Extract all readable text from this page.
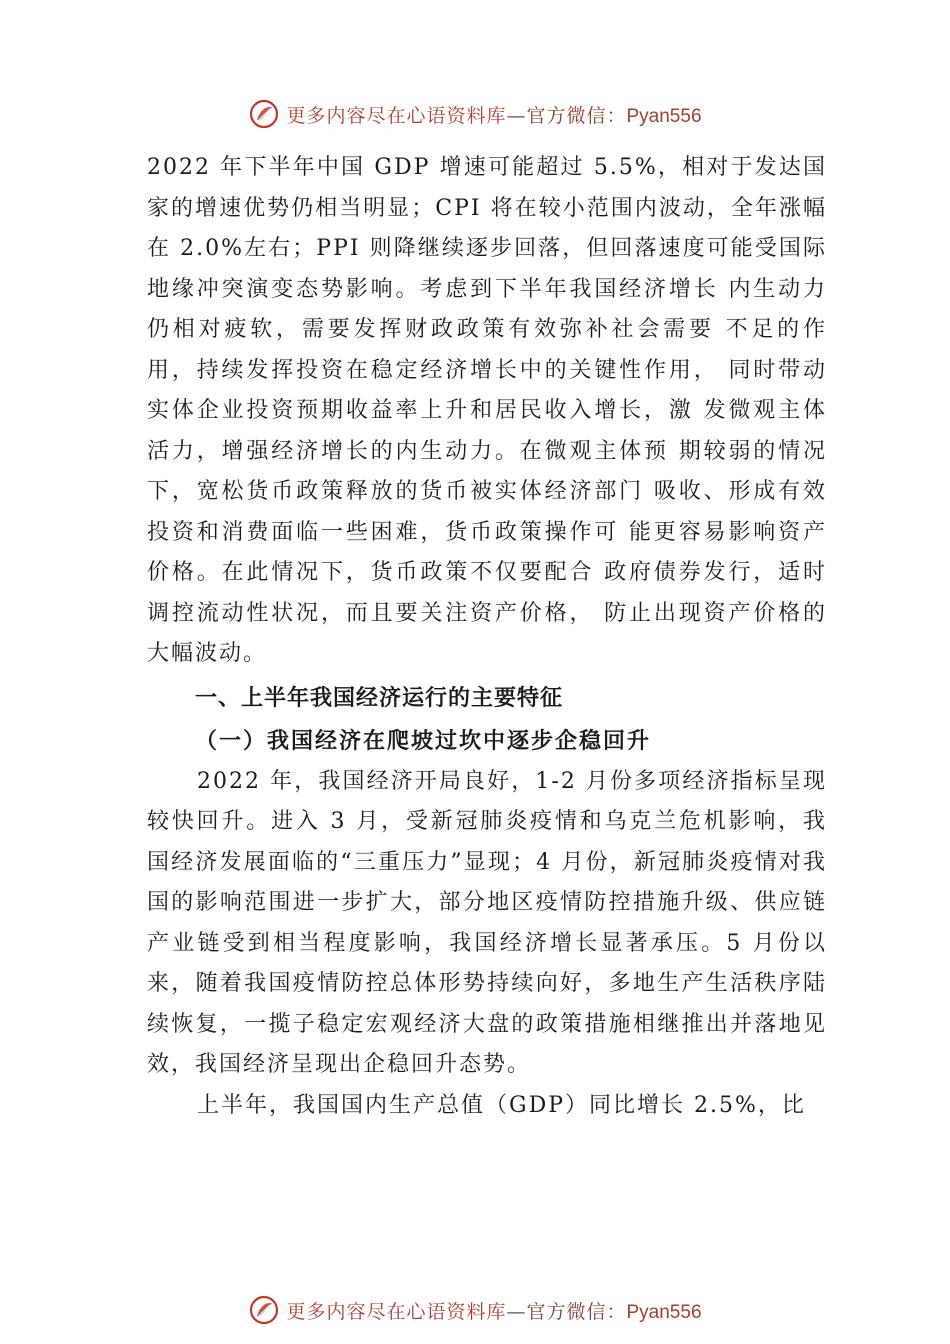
更多内容尽在心语资料库—官方微信：Pyan556

2022 年下半年中国 GDP 增速可能超过 5.5%，相对于发达国家的增速优势仍相当明显；CPI 将在较小范围内波动，全年涨幅在 2.0%左右；PPI 则降继续逐步回落，但回落速度可能受国际地缘冲突演变态势影响。考虑到下半年我国经济增长 内生动力仍相对疲软，需要发挥财政政策有效弥补社会需要 不足的作用，持续发挥投资在稳定经济增长中的关键性作用， 同时带动实体企业投资预期收益率上升和居民收入增长，激 发微观主体活力，增强经济增长的内生动力。在微观主体预 期较弱的情况下，宽松货币政策释放的货币被实体经济部门 吸收、形成有效投资和消费面临一些困难，货币政策操作可 能更容易影响资产价格。在此情况下，货币政策不仅要配合 政府债券发行，适时调控流动性状况，而且要关注资产价格， 防止出现资产价格的大幅波动。

一、上半年我国经济运行的主要特征

（一）我国经济在爬坡过坎中逐步企稳回升

2022 年，我国经济开局良好，1-2 月份多项经济指标呈现较快回升。进入 3 月，受新冠肺炎疫情和乌克兰危机影响，我国经济发展面临的“三重压力”显现；4 月份，新冠肺炎疫情对我国的影响范围进一步扩大，部分地区疫情防控措施升级、供应链产业链受到相当程度影响，我国经济增长显著承压。5 月份以来，随着我国疫情防控总体形势持续向好，多地生产生活秩序陆续恢复，一揽子稳定宏观经济大盘的政策措施相继推出并落地见效，我国经济呈现出企稳回升态势。

上半年，我国国内生产总值（GDP）同比增长 2.5%，比

更多内容尽在心语资料库—官方微信：Pyan556
